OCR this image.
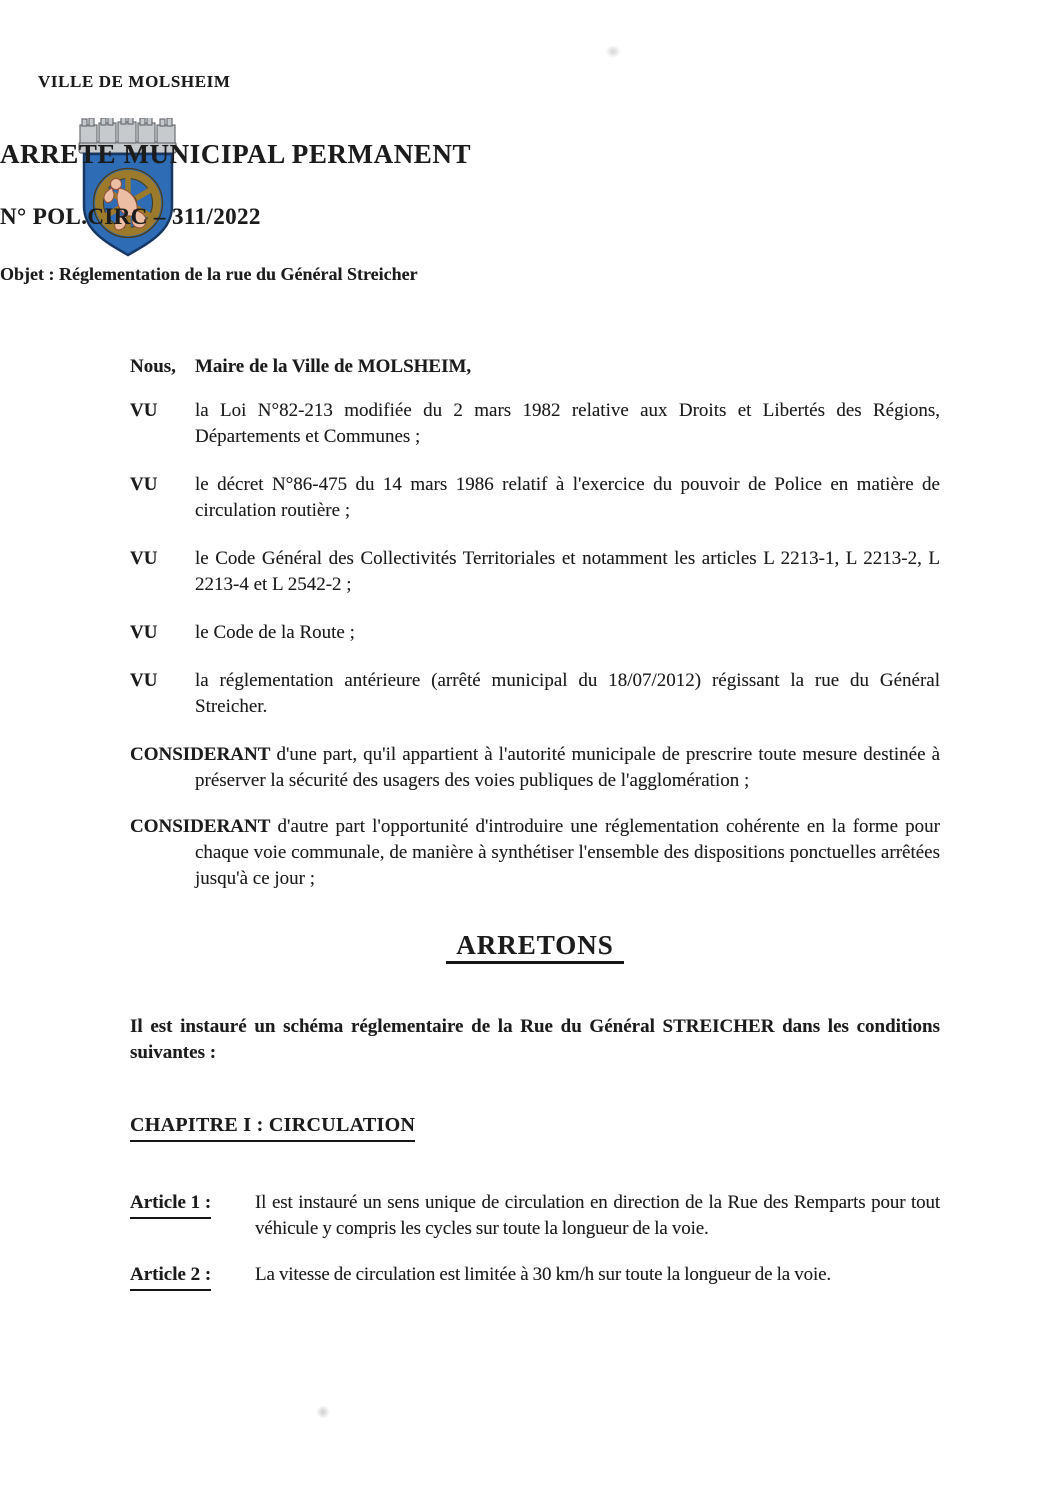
VILLE DE MOLSHEIM
ARRETE MUNICIPAL PERMANENT
N° POL.CIRC – 311/2022
Objet : Réglementation de la rue du Général Streicher
Nous,	Maire de la Ville de MOLSHEIM,
VU	la Loi N°82-213 modifiée du 2 mars 1982 relative aux Droits et Libertés des Régions, Départements et Communes ;
VU	le décret N°86-475 du 14 mars 1986 relatif à l'exercice du pouvoir de Police en matière de circulation routière ;
VU	le Code Général des Collectivités Territoriales et notamment les articles L 2213-1, L 2213-2, L 2213-4 et L 2542-2 ;
VU	le Code de la Route ;
VU	la réglementation antérieure (arrêté municipal du 18/07/2012) régissant la rue du Général Streicher.

CONSIDERANT d'une part, qu'il appartient à l'autorité municipale de prescrire toute mesure destinée à préserver la sécurité des usagers des voies publiques de l'agglomération ;

CONSIDERANT d'autre part l'opportunité d'introduire une réglementation cohérente en la forme pour chaque voie communale, de manière à synthétiser l'ensemble des dispositions ponctuelles arrêtées jusqu'à ce jour ;

ARRETONS

Il est instauré un schéma réglementaire de la Rue du Général STREICHER dans les conditions suivantes :

CHAPITRE I : CIRCULATION
Article 1 :	Il est instauré un sens unique de circulation en direction de la Rue des Remparts pour tout véhicule y compris les cycles sur toute la longueur de la voie.
Article 2 :	La vitesse de circulation est limitée à 30 km/h sur toute la longueur de la voie.
